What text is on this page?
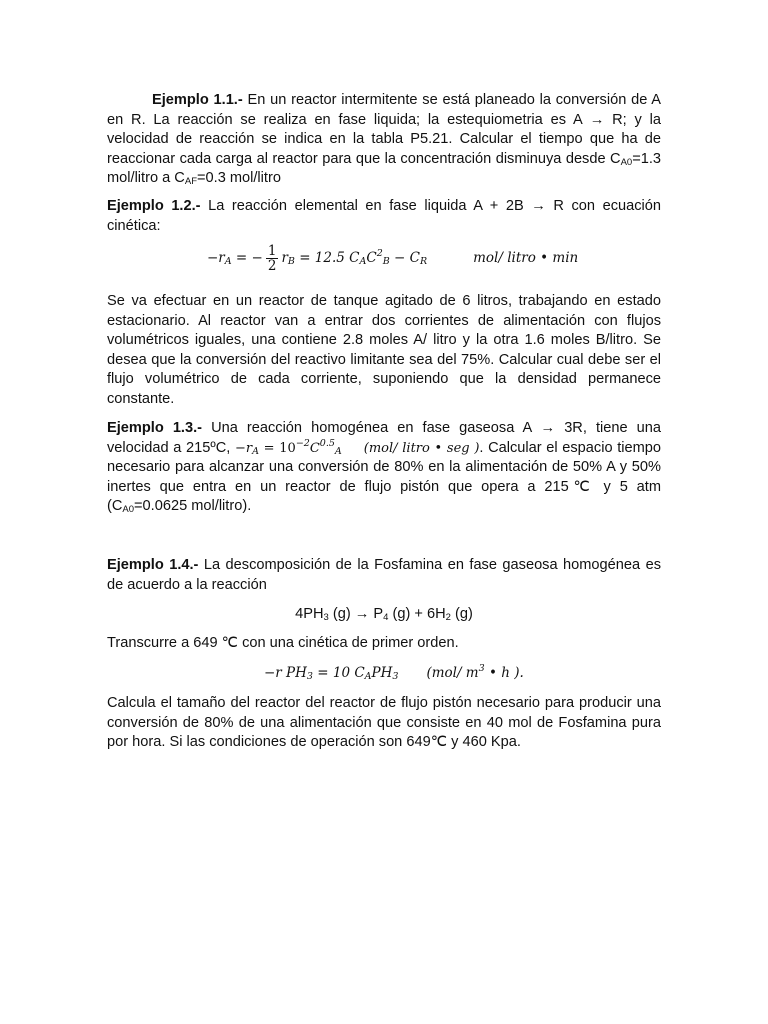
Ejemplo 1.1.- En un reactor intermitente se está planeado la conversión de A en R. La reacción se realiza en fase liquida; la estequiometria es A → R; y la velocidad de reacción se indica en la tabla P5.21. Calcular el tiempo que ha de reaccionar cada carga al reactor para que la concentración disminuya desde $C_{A0}=1.3$ mol/litro a $C_{AF}=0.3$ mol/litro

Ejemplo 1.2.- La reacción elemental en fase liquida A + 2B → R con ecuación cinética:

$-r_A$ = − $\frac{1}{2} r_B = 12.5$ $C_AC^2_B - C_R$	mol/ litro • min

Se va efectuar en un reactor de tanque agitado de 6 litros, trabajando en estado estacionario. Al reactor van a entrar dos corrientes de alimentación con flujos volumétricos iguales, una contiene 2.8 moles A/ litro y la otra 1.6 moles B/litro. Se desea que la conversión del reactivo limitante sea del 75%. Calcular cual debe ser el flujo volumétrico de cada corriente, suponiendo que la densidad permanece constante.

Ejemplo 1.3.- Una reacción homogénea en fase gaseosa A → 3R, tiene una velocidad a 215ºC, $-r_A = 10^{-2}C^{0.5}_A$ (mol/ litro • seg ). Calcular el espacio tiempo necesario para alcanzar una conversión de 80% en la alimentación de 50% A y 50% inertes que entra en un reactor de flujo pistón que opera a 215℃ y 5 atm ($C_{A0}=0.0625$ mol/litro).

Ejemplo 1.4.- La descomposición de la Fosfamina en fase gaseosa homogénea es de acuerdo a la reacción

$4PH_3$ $(g) \to P_4$ $(g) + 6H_2$ (g)

Transcurre a 649 ℃ con una cinética de primer orden.

−r $PH_3 = 10$ $C_APH_3$ (mol/ $m^3$ • h ).

Calcula el tamaño del reactor del reactor de flujo pistón necesario para producir una conversión de 80% de una alimentación que consiste en 40 mol de Fosfamina pura por hora. Si las condiciones de operación son 649℃ y 460 Kpa.
